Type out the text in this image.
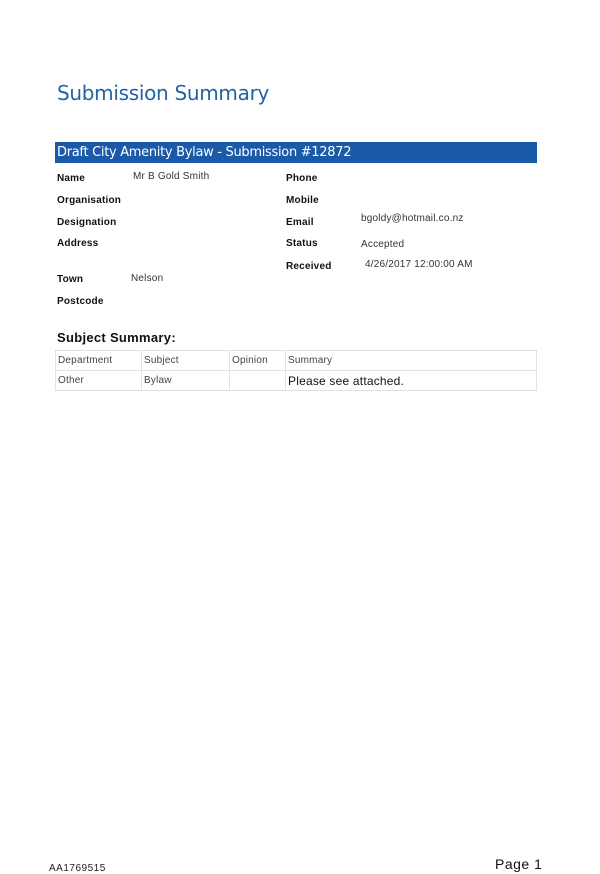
Submission Summary
Draft City Amenity Bylaw - Submission #12872
Name	Mr B Gold Smith
Organisation
Designation
Address
Town	Nelson
Postcode
Phone
Mobile
Email	bgoldy@hotmail.co.nz
Status	Accepted
Received	4/26/2017 12:00:00 AM
Subject Summary:
Department	Subject	Opinion	Summary
Other	Bylaw		Please see attached.
AA1769515	Page 1
